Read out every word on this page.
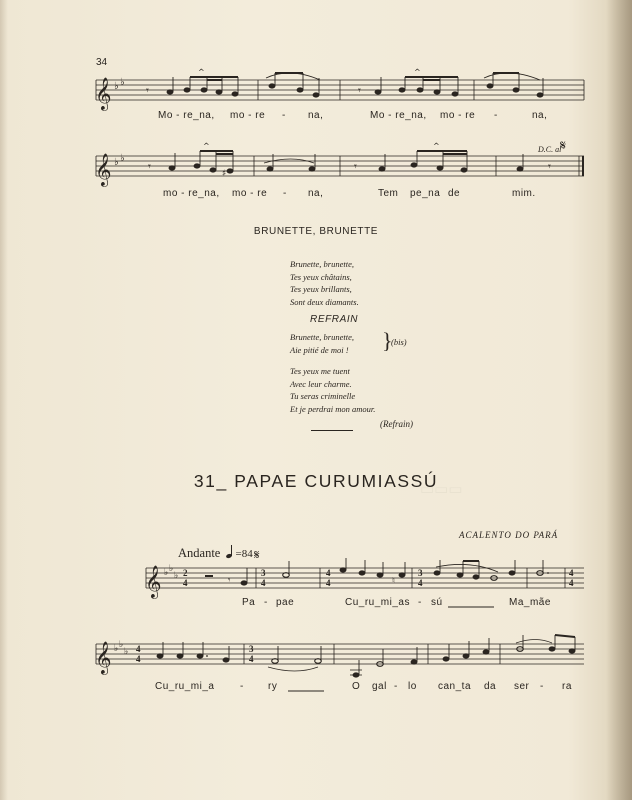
▭▭▭
34
𝄞 ♭ ♭
𝄾
^
𝄾
^
Mo - re_na, mo - re - na,	Mo - re_na, mo - re -	na,
𝄞 ♭ ♭
𝄾
♯
^
𝄾
^
𝄾
D.C. al
𝄋
mo - re_na, mo - re - na,	Tem pe_na de	mim.
BRUNETTE, BRUNETTE
Brunette, brunette,
Tes yeux châtains,
Tes yeux brillants,
Sont deux diamants.
REFRAIN
Brunette, brunette,
Aie pitié de moi ! }
(bis)
Tes yeux me tuent
Avec leur charme.
Tu seras criminelle
Et je perdrai mon amour.
(Refrain)
31_ PAPAE CURUMIASSÚ
ACALENTO DO PARÁ
Andante =84 𝄋
𝄞 ♭ ♭
♭ 2
4	𝄾
3
4
4
4	♮
3
4
4
4
Pa - pae	Cu_ru_mi_as - sú	Ma_mãe
𝄞 ♭ ♭
♭ 4
4
3
4
Cu_ru_mi_a	- ry	O gal - lo can_ta da ser - ra
